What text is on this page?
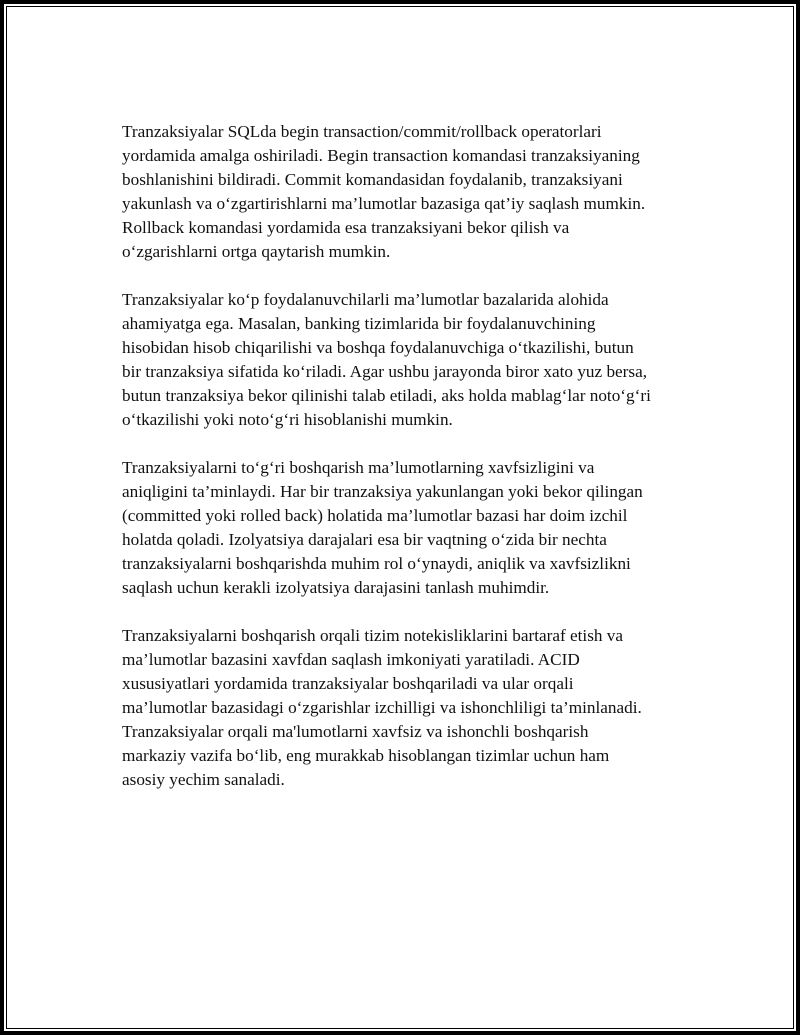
Tranzaksiyalar SQLda begin transaction/commit/rollback operatorlari
yordamida amalga oshiriladi. Begin transaction komandasi tranzaksiyaning
boshlanishini bildiradi. Commit komandasidan foydalanib, tranzaksiyani
yakunlash va o‘zgartirishlarni ma’lumotlar bazasiga qat’iy saqlash mumkin.
Rollback komandasi yordamida esa tranzaksiyani bekor qilish va
o‘zgarishlarni ortga qaytarish mumkin.

Tranzaksiyalar ko‘p foydalanuvchilarli ma’lumotlar bazalarida alohida
ahamiyatga ega. Masalan, banking tizimlarida bir foydalanuvchining
hisobidan hisob chiqarilishi va boshqa foydalanuvchiga o‘tkazilishi, butun
bir tranzaksiya sifatida ko‘riladi. Agar ushbu jarayonda biror xato yuz bersa,
butun tranzaksiya bekor qilinishi talab etiladi, aks holda mablag‘lar noto‘g‘ri
o‘tkazilishi yoki noto‘g‘ri hisoblanishi mumkin.

Tranzaksiyalarni to‘g‘ri boshqarish ma’lumotlarning xavfsizligini va
aniqligini ta’minlaydi. Har bir tranzaksiya yakunlangan yoki bekor qilingan
(committed yoki rolled back) holatida ma’lumotlar bazasi har doim izchil
holatda qoladi. Izolyatsiya darajalari esa bir vaqtning o‘zida bir nechta
tranzaksiyalarni boshqarishda muhim rol o‘ynaydi, aniqlik va xavfsizlikni
saqlash uchun kerakli izolyatsiya darajasini tanlash muhimdir.

Tranzaksiyalarni boshqarish orqali tizim notekisliklarini bartaraf etish va
ma’lumotlar bazasini xavfdan saqlash imkoniyati yaratiladi. ACID
xususiyatlari yordamida tranzaksiyalar boshqariladi va ular orqali
ma’lumotlar bazasidagi o‘zgarishlar izchilligi va ishonchliligi ta’minlanadi.
Tranzaksiyalar orqali ma'lumotlarni xavfsiz va ishonchli boshqarish
markaziy vazifa bo‘lib, eng murakkab hisoblangan tizimlar uchun ham
asosiy yechim sanaladi.
